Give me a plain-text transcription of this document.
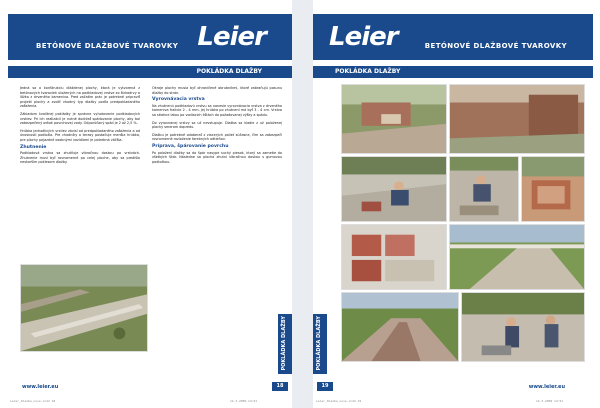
BETÓNOVÉ DLAŽBOVÉ TVAROVKY Leier
POKLÁDKA DLAŽBY

Jedná sa o konštrukciu dláždenej plochy, ktorá je vytvorená z betónových tvaroviek uložených na podkladovej vrstve zo štrkodrvy a lôžka z drveného kameniva. Pred začatím prác je potrebné pripraviť projekt plochy a zvoliť vhodný typ dlažby podľa predpokladaného zaťaženia.

Základom kvalitnej pokládky je správne vyhotovenie podkladových vrstiev. Pri ich realizácii je nutné dodržať spádovanie plochy, aby bol zabezpečený odtok povrchovej vody. Odporúčaný spád je 2 až 2,5 %.

Hrúbka jednotlivých vrstiev závisí od predpokladaného zaťaženia a od únosnosti podložia. Pre chodníky a terasy postačuje menšia hrúbka, pre plochy pojazdné osobnými vozidlami je potrebná väčšia.

Zhutnenie

Podkladová vrstva sa zhutňuje vibračnou doskou po vrstvách. Zhutnenie musí byť rovnomerné po celej ploche, aby sa predišlo neskorším poklesom dlažby.

Okraje plochy musia byť ohraničené obrubníkmi, ktoré zabraňujú posunu dlažby do strán.

Vyrovnávacia vrstva

Na zhutnenú podkladovú vrstvu sa nanesie vyrovnávacia vrstva z drveného kameniva frakcie 2 - 4 mm. Jej hrúbka po zhutnení má byť 3 - 4 cm. Vrstva sa stiahne latou po vodiacich lištách do požadovanej výšky a spádu.

Do vyrovnanej vrstvy sa už nevstupuje. Dlažba sa kladie z už položenej plochy smerom dopredu.

Dlažbu je potrebné odoberať z viacerých paliet súčasne, čím sa zabezpečí rovnomerné rozloženie farebných odtieňov.

Príprava, špárovanie povrchu

Po položení dlažby sa do špár nasype suchý piesok, ktorý sa zametie do všetkých škár. Následne sa plocha zhutní vibračnou doskou s gumovou podložkou.

POKLÁDKA DLAŽBY
www.leier.eu	18
Leier	BETÓNOVÉ DLAŽBOVÉ TVAROVKY
POKLÁDKA DLAŽBY
POKLÁDKA DLAŽBY
www.leier.eu
19
Leier_Dlazba_nove.indd 18	12.3.2009 14:51	Leier_Dlazba_nove.indd 19	12.3.2009 14:51
